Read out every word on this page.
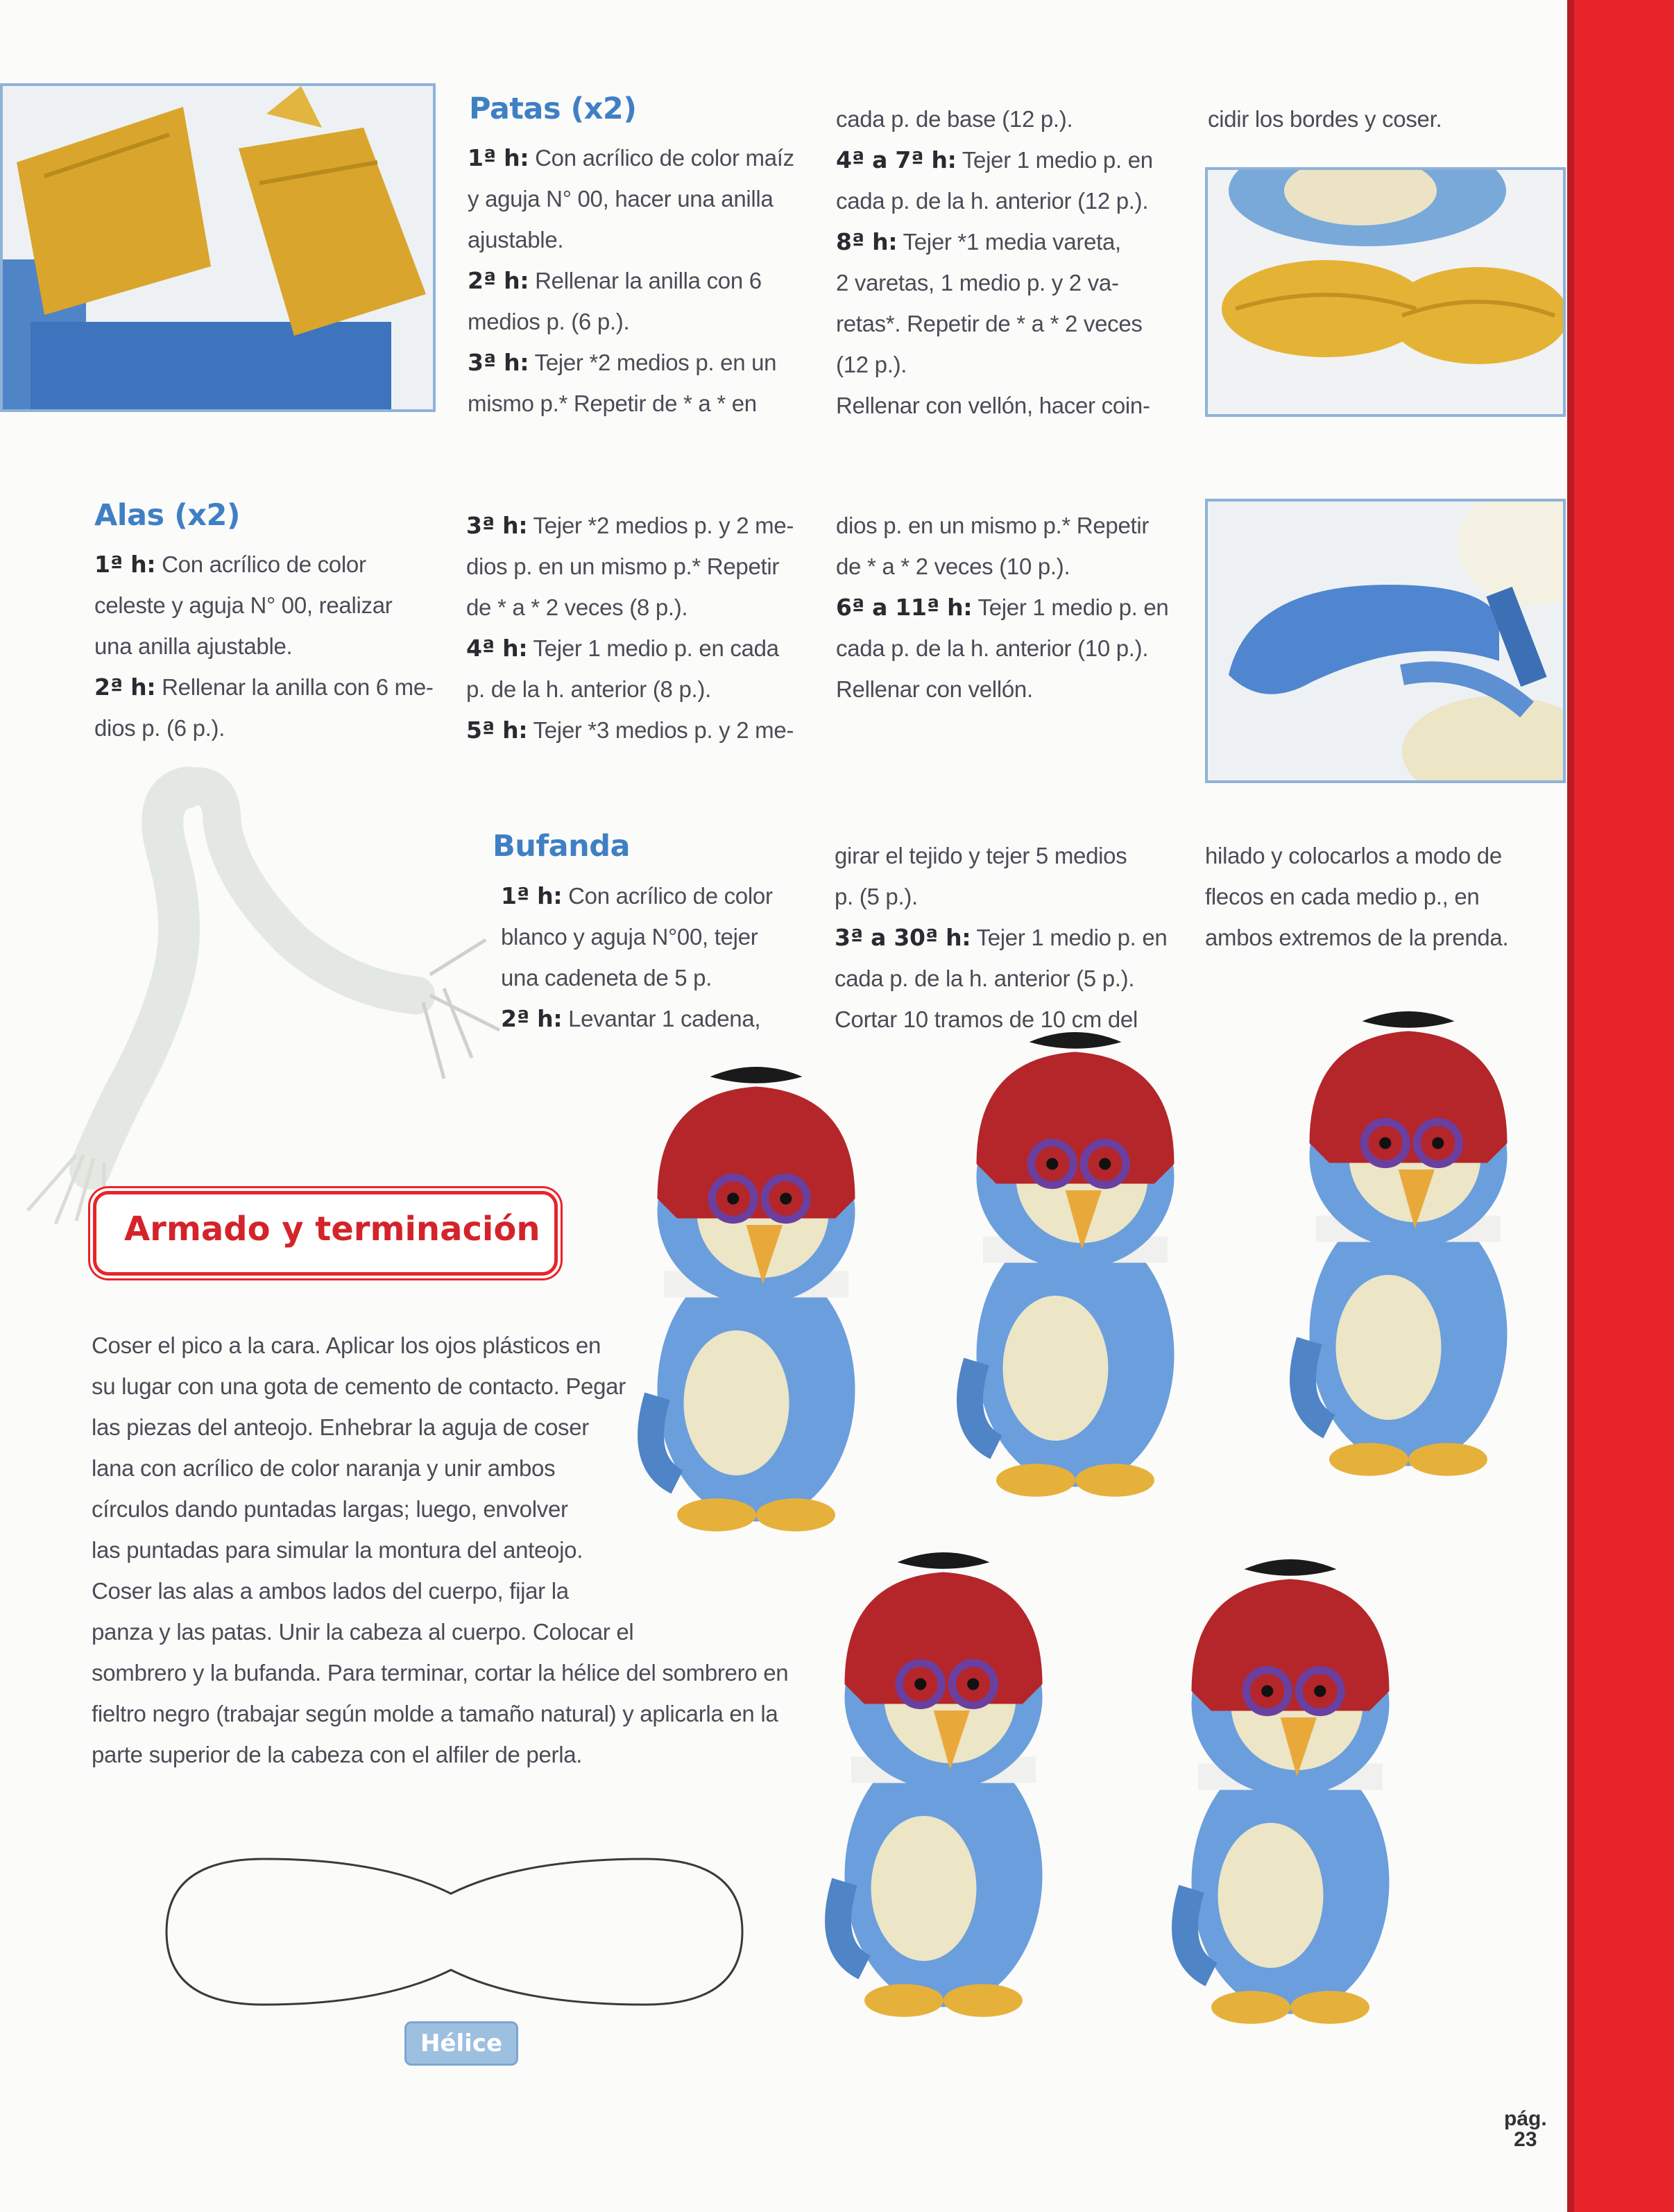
Patas (x2)

1ª h: Con acrílico de color maíz

y aguja N° 00, hacer una anilla

ajustable.

2ª h: Rellenar la anilla con 6

medios p. (6 p.).

3ª h: Tejer *2 medios p. en un

mismo p.* Repetir de * a * en

cada p. de base (12 p.).

4ª a 7ª h: Tejer 1 medio p. en

cada p. de la h. anterior (12 p.).

8ª h: Tejer *1 media vareta,

2 varetas, 1 medio p. y 2 va-

retas*. Repetir de * a * 2 veces

(12 p.).

Rellenar con vellón, hacer coin-

cidir los bordes y coser.

Alas (x2)

1ª h: Con acrílico de color

celeste y aguja N° 00, realizar

una anilla ajustable.

2ª h: Rellenar la anilla con 6 me-

dios p. (6 p.).

3ª h: Tejer *2 medios p. y 2 me-

dios p. en un mismo p.* Repetir

de * a * 2 veces (8 p.).

4ª h: Tejer 1 medio p. en cada

p. de la h. anterior (8 p.).

5ª h: Tejer *3 medios p. y 2 me-

dios p. en un mismo p.* Repetir

de * a * 2 veces (10 p.).

6ª a 11ª h: Tejer 1 medio p. en

cada p. de la h. anterior (10 p.).

Rellenar con vellón.

Bufanda

1ª h: Con acrílico de color

blanco y aguja N°00, tejer

una cadeneta de 5 p.

2ª h: Levantar 1 cadena,

girar el tejido y tejer 5 medios

p. (5 p.).

3ª a 30ª h: Tejer 1 medio p. en

cada p. de la h. anterior (5 p.).

Cortar 10 tramos de 10 cm del

hilado y colocarlos a modo de

flecos en cada medio p., en

ambos extremos de la prenda.

Armado y terminación

Coser el pico a la cara. Aplicar los ojos plásticos en

su lugar con una gota de cemento de contacto. Pegar

las piezas del anteojo. Enhebrar la aguja de coser

lana con acrílico de color naranja y unir ambos

círculos dando puntadas largas; luego, envolver

las puntadas para simular la montura del anteojo.

Coser las alas a ambos lados del cuerpo, fijar la

panza y las patas. Unir la cabeza al cuerpo. Colocar el

sombrero y la bufanda. Para terminar, cortar la hélice del sombrero en

fieltro negro (trabajar según molde a tamaño natural) y aplicarla en la

parte superior de la cabeza con el alfiler de perla.

Hélice
pág.
23
